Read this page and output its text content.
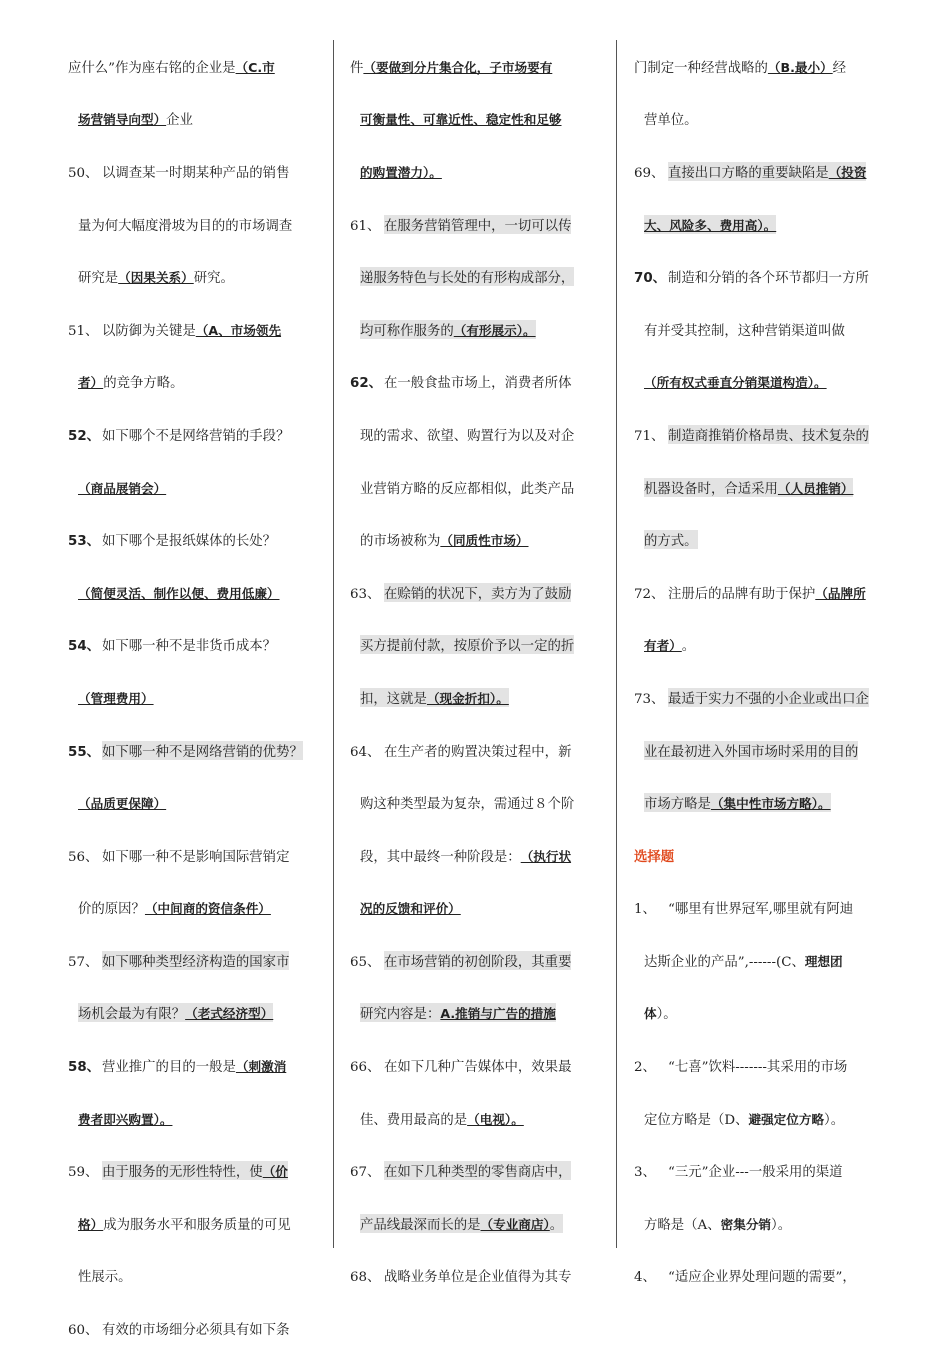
应什么”作为座右铭的企业是 （C.市
场营销导向型） 企业
50、 以调查某一时期某种产品的销售
量为何大幅度滑坡为目的的市场调查
研究是 （因果关系） 研究。
51、 以防御为关键是 （A、市场领先
者） 的竞争方略。
52、 如下哪个不是网络营销的手段？
（商品展销会）
53、 如下哪个是报纸媒体的长处？
（简便灵活、制作以便、费用低廉）
54、 如下哪一种不是非货币成本？
（管理费用）
55、 如下哪一种不是网络营销的优势？
（品质更保障）
56、 如下哪一种不是影响国际营销定
价的原因？ （中间商的资信条件）
57、 如下哪种类型经济构造的国家市
场机会最为有限？（老式经济型）
58、 营业推广的目的一般是 （刺激消
费者即兴购置）。
59、 由于服务的无形性特性，使（价
格） 成为服务水平和服务质量的可见
性展示。
60、 有效的市场细分必须具有如下条
件 （要做到分片集合化，子市场要有
可衡量性、可靠近性、稳定性和足够
的购置潜力）。
61、 在服务营销管理中，一切可以传
递服务特色与长处的有形构成部分，
均可称作服务的（有形展示）。
62、 在一般食盐市场上，消费者所体
现的需求、欲望、购置行为以及对企
业营销方略的反应都相似，此类产品
的市场被称为 （同质性市场）
63、 在赊销的状况下，卖方为了鼓励
买方提前付款，按原价予以一定的折
扣，这就是（现金折扣）。
64、 在生产者的购置决策过程中，新
购这种类型最为复杂，需通过８个阶
段，其中最终一种阶段是： （执行状
况的反馈和评价）
65、 在市场营销的初创阶段，其重要
研究内容是：A.推销与广告的措施
66、 在如下几种广告媒体中，效果最
佳、费用最高的是 （电视）。
67、 在如下几种类型的零售商店中，
产品线最深而长的是（专业商店）。
68、 战略业务单位是企业值得为其专
门制定一种经营战略的 （B.最小） 经
营单位。
69、 直接出口方略的重要缺陷是（投资
大、风险多、费用高）。
70、 制造和分销的各个环节都归一方所
有并受其控制，这种营销渠道叫做
（所有权式垂直分销渠道构造）。
71、 制造商推销价格昂贵、技术复杂的
机器设备时，合适采用（人员推销）
的方式。
72、 注册后的品牌有助于保护 （品牌所
有者） 。
73、 最适于实力不强的小企业或出口企
业在最初进入外国市场时采用的目的
市场方略是（集中性市场方略）。
选择题
1、 “哪里有世界冠军,哪里就有阿迪
达斯企业的产品”,------(C、 理想团
体 ）。
2、 “七喜”饮料-------其采用的市场
定位方略是（D、 避强定位方略 ）。
3、 “三元”企业---一般采用的渠道
方略是（A、 密集分销 ）。
4、 “适应企业界处理问题的需要”，
